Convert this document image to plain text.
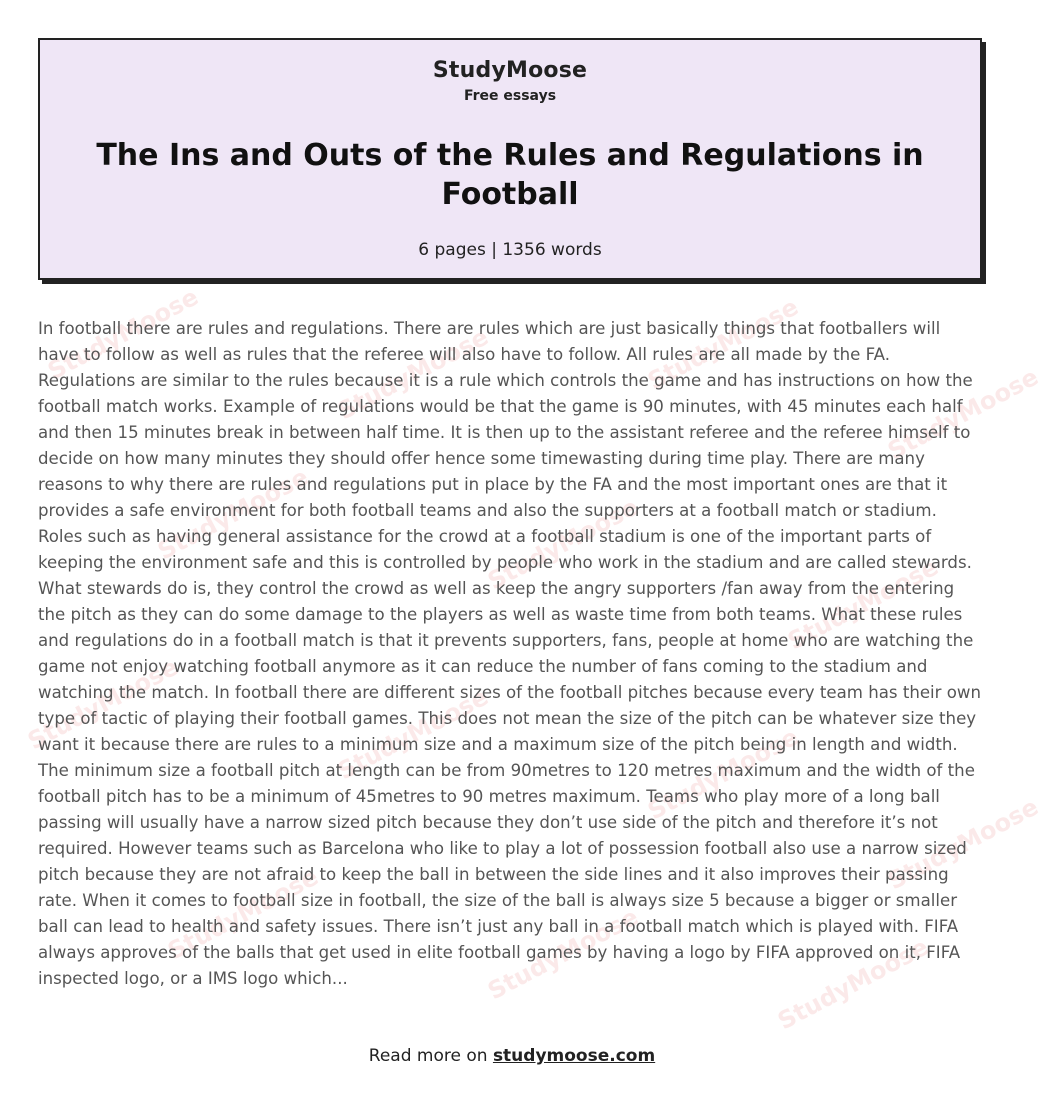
StudyMoose
Free essays
The Ins and Outs of the Rules and Regulations in Football
6 pages | 1356 words
StudyMoose	StudyMoose	StudyMoose
StudyMoose
StudyMoose	StudyMoose
StudyMoose
StudyMoose	StudyMoose	StudyMoose
StudyMoose
StudyMoose	StudyMoose	StudyMoose

In football there are rules and regulations. There are rules which are just basically things that footballers will have to follow as well as rules that the referee will also have to follow. All rules are all made by the FA. Regulations are similar to the rules because it is a rule which controls the game and has instructions on how the football match works. Example of regulations would be that the game is 90 minutes, with 45 minutes each half and then 15 minutes break in between half time. It is then up to the assistant referee and the referee himself to decide on how many minutes they should offer hence some timewasting during time play. There are many reasons to why there are rules and regulations put in place by the FA and the most important ones are that it provides a safe environment for both football teams and also the supporters at a football match or stadium. Roles such as having general assistance for the crowd at a football stadium is one of the important parts of keeping the environment safe and this is controlled by people who work in the stadium and are called stewards. What stewards do is, they control the crowd as well as keep the angry supporters /fan away from the entering the pitch as they can do some damage to the players as well as waste time from both teams. What these rules and regulations do in a football match is that it prevents supporters, fans, people at home who are watching the game not enjoy watching football anymore as it can reduce the number of fans coming to the stadium and watching the match. In football there are different sizes of the football pitches because every team has their own type of tactic of playing their football games. This does not mean the size of the pitch can be whatever size they want it because there are rules to a minimum size and a maximum size of the pitch being in length and width. The minimum size a football pitch at length can be from 90metres to 120 metres maximum and the width of the football pitch has to be a minimum of 45metres to 90 metres maximum. Teams who play more of a long ball passing will usually have a narrow sized pitch because they don’t use side of the pitch and therefore it’s not required. However teams such as Barcelona who like to play a lot of possession football also use a narrow sized pitch because they are not afraid to keep the ball in between the side lines and it also improves their passing rate. When it comes to football size in football, the size of the ball is always size 5 because a bigger or smaller ball can lead to health and safety issues. There isn’t just any ball in a football match which is played with. FIFA always approves of the balls that get used in elite football games by having a logo by FIFA approved on it, FIFA inspected logo, or a IMS logo which...

Read more on studymoose.com
